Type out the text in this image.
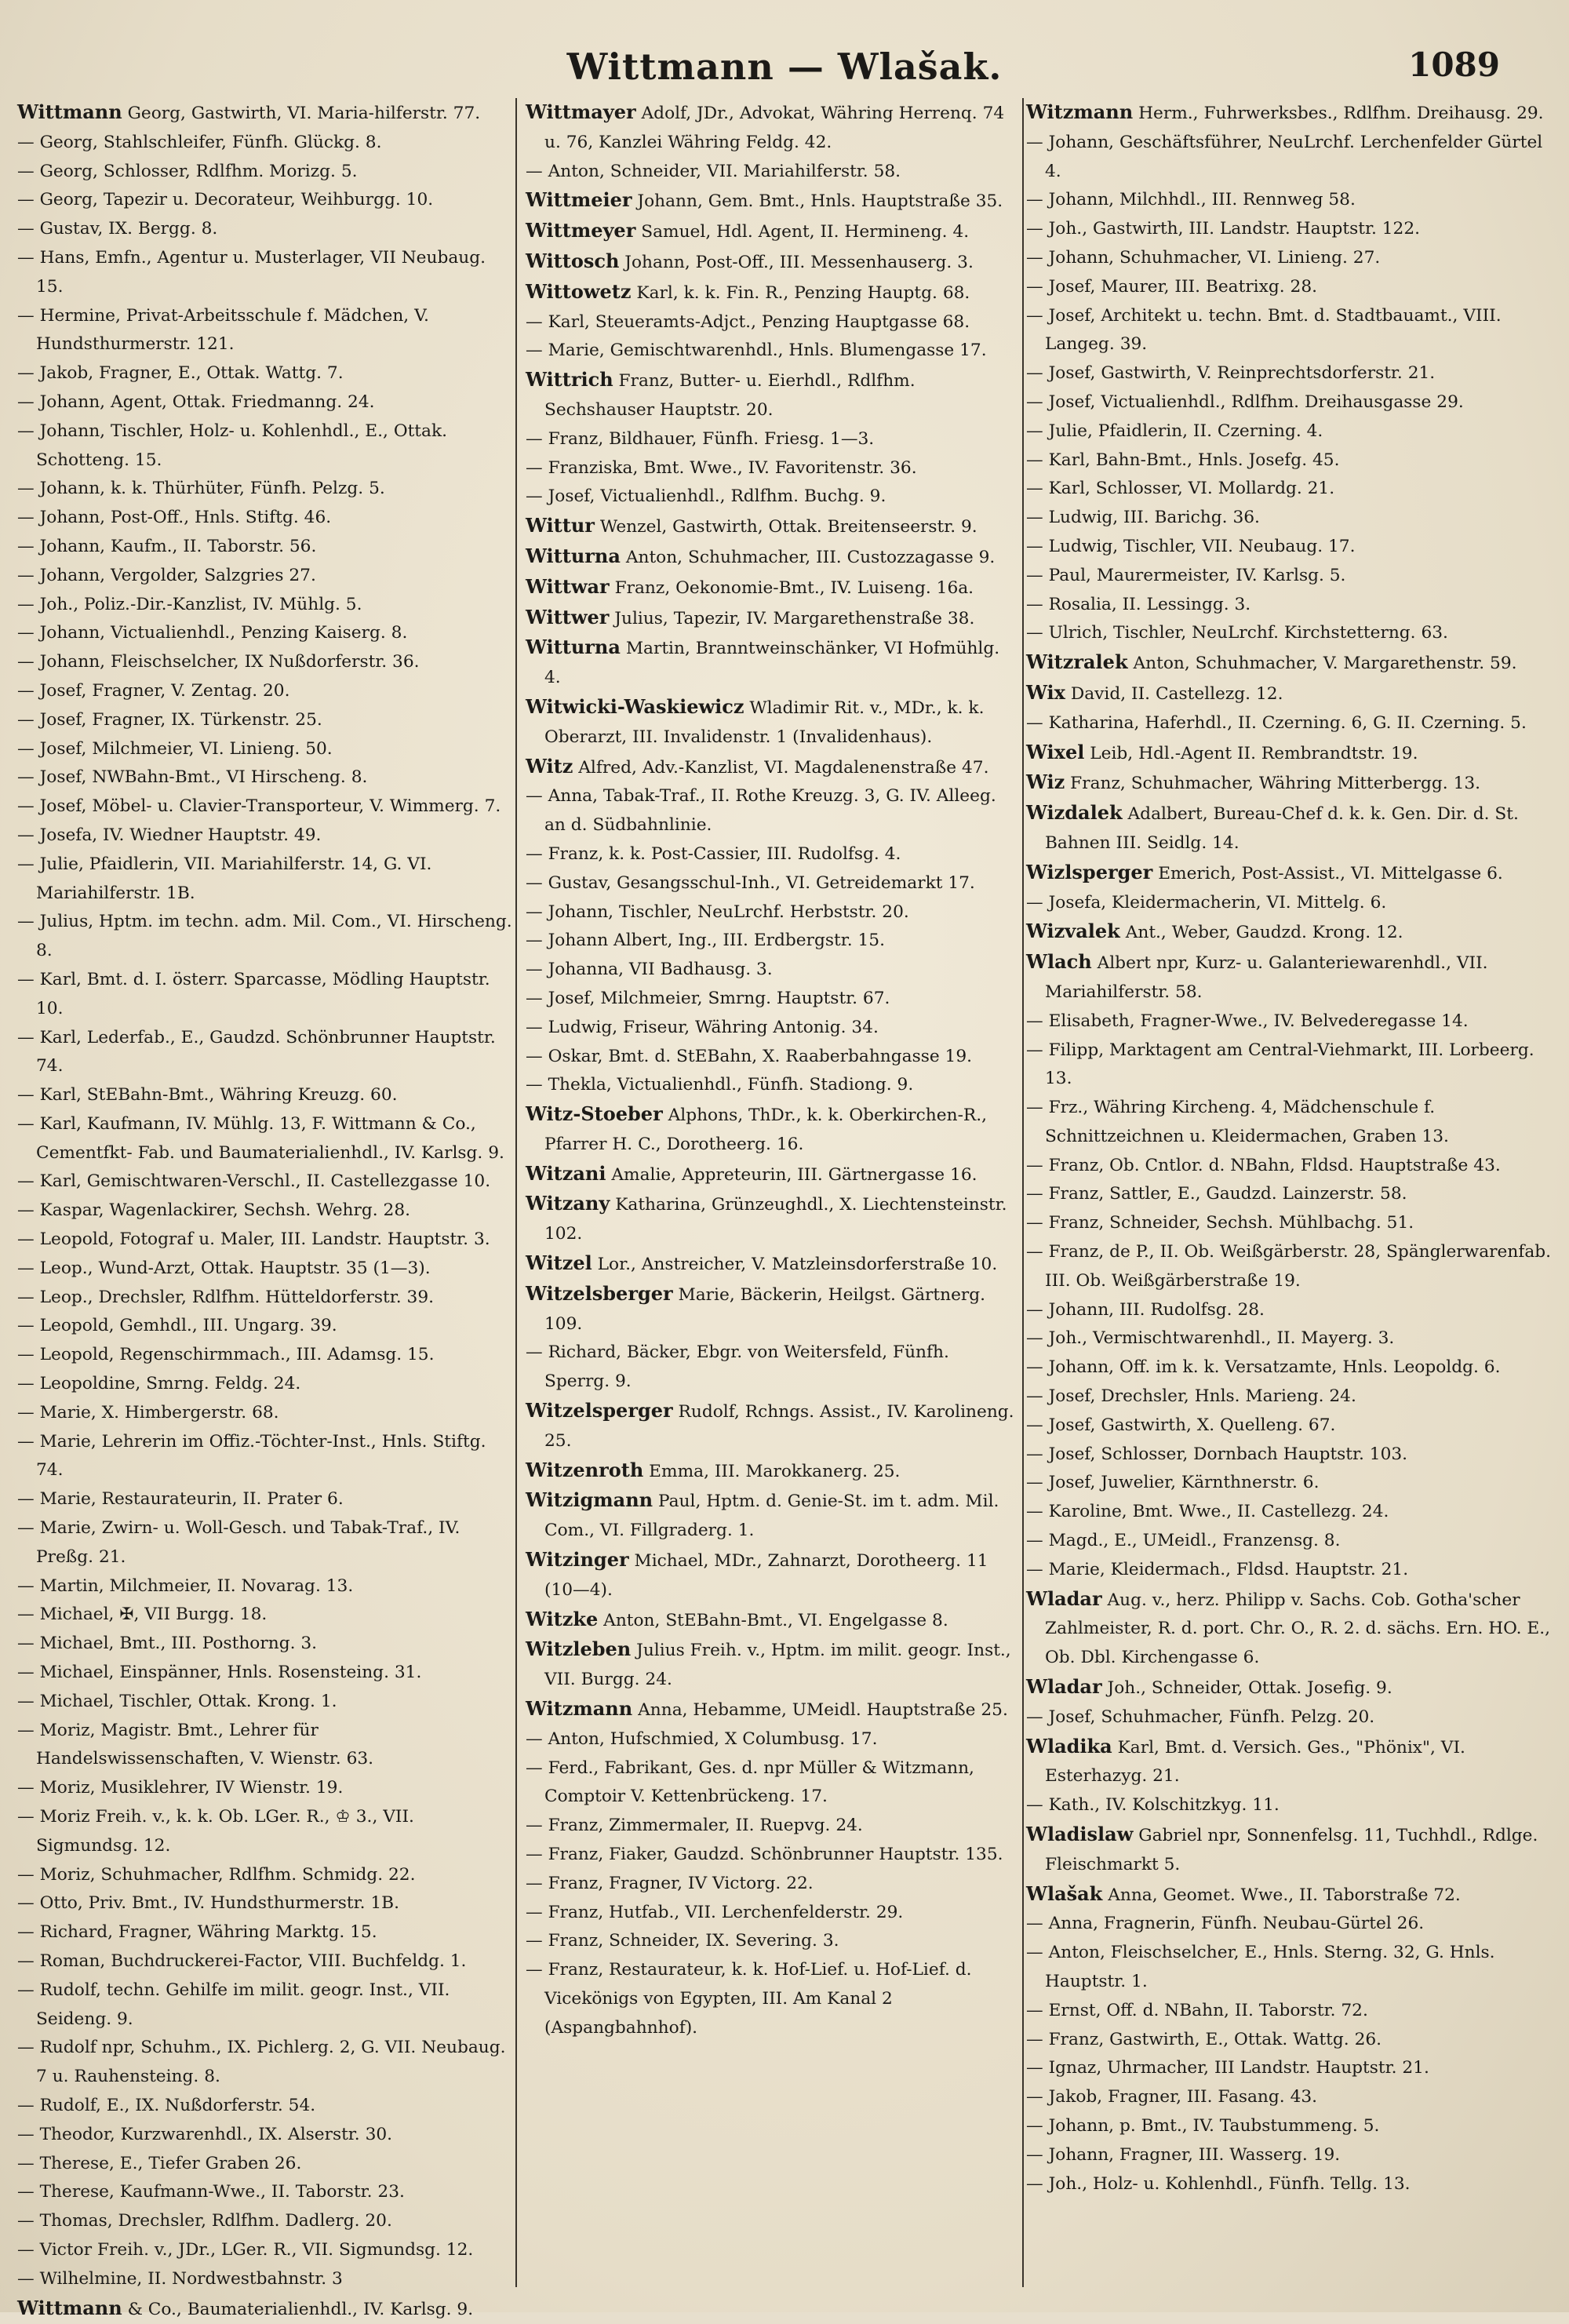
Wittmann — Wlašak.	1089
Wittmann Georg, Gastwirth, VI. Maria-hilferstr. 77.
— Georg, Stahlschleifer, Fünfh. Glückg. 8.
— Georg, Schlosser, Rdlfhm. Morizg. 5.
— Georg, Tapezir u. Decorateur, Weihburgg. 10.
— Gustav, IX. Bergg. 8.
— Hans, Emfn., Agentur u. Musterlager, VII Neubaug. 15.
— Hermine, Privat-Arbeitsschule f. Mädchen, V. Hundsthurmerstr. 121.
— Jakob, Fragner, E., Ottak. Wattg. 7.
— Johann, Agent, Ottak. Friedmanng. 24.
— Johann, Tischler, Holz- u. Kohlenhdl., E., Ottak. Schotteng. 15.
— Johann, k. k. Thürhüter, Fünfh. Pelzg. 5.
— Johann, Post-Off., Hnls. Stiftg. 46.
— Johann, Kaufm., II. Taborstr. 56.
— Johann, Vergolder, Salzgries 27.
— Joh., Poliz.-Dir.-Kanzlist, IV. Mühlg. 5.
— Johann, Victualienhdl., Penzing Kaiserg. 8.
— Johann, Fleischselcher, IX Nußdorferstr. 36.
— Josef, Fragner, V. Zentag. 20.
— Josef, Fragner, IX. Türkenstr. 25.
— Josef, Milchmeier, VI. Linieng. 50.
— Josef, NWBahn-Bmt., VI Hirscheng. 8.
— Josef, Möbel- u. Clavier-Transporteur, V. Wimmerg. 7.
— Josefa, IV. Wiedner Hauptstr. 49.
— Julie, Pfaidlerin, VII. Mariahilferstr. 14, G. VI. Mariahilferstr. 1B.
— Julius, Hptm. im techn. adm. Mil. Com., VI. Hirscheng. 8.
— Karl, Bmt. d. I. österr. Sparcasse, Mödling Hauptstr. 10.
— Karl, Lederfab., E., Gaudzd. Schönbrunner Hauptstr. 74.
— Karl, StEBahn-Bmt., Währing Kreuzg. 60.
— Karl, Kaufmann, IV. Mühlg. 13, F. Wittmann & Co., Cementfkt- Fab. und Baumaterialienhdl., IV. Karlsg. 9.
— Karl, Gemischtwaren-Verschl., II. Castellezgasse 10.
— Kaspar, Wagenlackirer, Sechsh. Wehrg. 28.
— Leopold, Fotograf u. Maler, III. Landstr. Hauptstr. 3.
— Leop., Wund-Arzt, Ottak. Hauptstr. 35 (1—3).
— Leop., Drechsler, Rdlfhm. Hütteldorferstr. 39.
— Leopold, Gemhdl., III. Ungarg. 39.
— Leopold, Regenschirmmach., III. Adamsg. 15.
— Leopoldine, Smrng. Feldg. 24.
— Marie, X. Himbergerstr. 68.
— Marie, Lehrerin im Offiz.-Töchter-Inst., Hnls. Stiftg. 74.
— Marie, Restaurateurin, II. Prater 6.
— Marie, Zwirn- u. Woll-Gesch. und Tabak-Traf., IV. Preßg. 21.
— Martin, Milchmeier, II. Novarag. 13.
— Michael, ✠, VII Burgg. 18.
— Michael, Bmt., III. Posthorng. 3.
— Michael, Einspänner, Hnls. Rosensteing. 31.
— Michael, Tischler, Ottak. Krong. 1.
— Moriz, Magistr. Bmt., Lehrer für Handelswissenschaften, V. Wienstr. 63.
— Moriz, Musiklehrer, IV Wienstr. 19.
— Moriz Freih. v., k. k. Ob. LGer. R., ♔ 3., VII. Sigmundsg. 12.
— Moriz, Schuhmacher, Rdlfhm. Schmidg. 22.
— Otto, Priv. Bmt., IV. Hundsthurmerstr. 1B.
— Richard, Fragner, Währing Marktg. 15.
— Roman, Buchdruckerei-Factor, VIII. Buchfeldg. 1.
— Rudolf, techn. Gehilfe im milit. geogr. Inst., VII. Seideng. 9.
— Rudolf npr, Schuhm., IX. Pichlerg. 2, G. VII. Neubaug. 7 u. Rauhensteing. 8.
— Rudolf, E., IX. Nußdorferstr. 54.
— Theodor, Kurzwarenhdl., IX. Alserstr. 30.
— Therese, E., Tiefer Graben 26.
— Therese, Kaufmann-Wwe., II. Taborstr. 23.
— Thomas, Drechsler, Rdlfhm. Dadlerg. 20.
— Victor Freih. v., JDr., LGer. R., VII. Sigmundsg. 12.
— Wilhelmine, II. Nordwestbahnstr. 3
Wittmann & Co., Baumaterialienhdl., IV. Karlsg. 9.
Wittmayer Adolf, JDr., Advokat, Währing Herrenq. 74 u. 76, Kanzlei Währing Feldg. 42.
— Anton, Schneider, VII. Mariahilferstr. 58.
Wittmeier Johann, Gem. Bmt., Hnls. Hauptstraße 35.
Wittmeyer Samuel, Hdl. Agent, II. Hermineng. 4.
Wittosch Johann, Post-Off., III. Messenhauserg. 3.
Wittowetz Karl, k. k. Fin. R., Penzing Hauptg. 68.
— Karl, Steueramts-Adjct., Penzing Hauptgasse 68.
— Marie, Gemischtwarenhdl., Hnls. Blumengasse 17.
Wittrich Franz, Butter- u. Eierhdl., Rdlfhm. Sechshauser Hauptstr. 20.
— Franz, Bildhauer, Fünfh. Friesg. 1—3.
— Franziska, Bmt. Wwe., IV. Favoritenstr. 36.
— Josef, Victualienhdl., Rdlfhm. Buchg. 9.
Wittur Wenzel, Gastwirth, Ottak. Breitenseerstr. 9.
Witturna Anton, Schuhmacher, III. Custozzagasse 9.
Wittwar Franz, Oekonomie-Bmt., IV. Luiseng. 16a.
Wittwer Julius, Tapezir, IV. Margarethenstraße 38.
Witturna Martin, Branntweinschänker, VI Hofmühlg. 4.
Witwicki-Waskiewicz Wladimir Rit. v., MDr., k. k. Oberarzt, III. Invalidenstr. 1 (Invalidenhaus).
Witz Alfred, Adv.-Kanzlist, VI. Magdalenenstraße 47.
— Anna, Tabak-Traf., II. Rothe Kreuzg. 3, G. IV. Alleeg. an d. Südbahnlinie.
— Franz, k. k. Post-Cassier, III. Rudolfsg. 4.
— Gustav, Gesangsschul-Inh., VI. Getreidemarkt 17.
— Johann, Tischler, NeuLrchf. Herbststr. 20.
— Johann Albert, Ing., III. Erdbergstr. 15.
— Johanna, VII Badhausg. 3.
— Josef, Milchmeier, Smrng. Hauptstr. 67.
— Ludwig, Friseur, Währing Antonig. 34.
— Oskar, Bmt. d. StEBahn, X. Raaberbahngasse 19.
— Thekla, Victualienhdl., Fünfh. Stadiong. 9.
Witz-Stoeber Alphons, ThDr., k. k. Oberkirchen-R., Pfarrer H. C., Dorotheerg. 16.
Witzani Amalie, Appreteurin, III. Gärtnergasse 16.
Witzany Katharina, Grünzeughdl., X. Liechtensteinstr. 102.
Witzel Lor., Anstreicher, V. Matzleinsdorferstraße 10.
Witzelsberger Marie, Bäckerin, Heilgst. Gärtnerg. 109.
— Richard, Bäcker, Ebgr. von Weitersfeld, Fünfh. Sperrg. 9.
Witzelsperger Rudolf, Rchngs. Assist., IV. Karolineng. 25.
Witzenroth Emma, III. Marokkanerg. 25.
Witzigmann Paul, Hptm. d. Genie-St. im t. adm. Mil. Com., VI. Fillgraderg. 1.
Witzinger Michael, MDr., Zahnarzt, Dorotheerg. 11 (10—4).
Witzke Anton, StEBahn-Bmt., VI. Engelgasse 8.
Witzleben Julius Freih. v., Hptm. im milit. geogr. Inst., VII. Burgg. 24.
Witzmann Anna, Hebamme, UMeidl. Hauptstraße 25.
— Anton, Hufschmied, X Columbusg. 17.
— Ferd., Fabrikant, Ges. d. npr Müller & Witzmann, Comptoir V. Kettenbrückeng. 17.
— Franz, Zimmermaler, II. Ruepvg. 24.
— Franz, Fiaker, Gaudzd. Schönbrunner Hauptstr. 135.
— Franz, Fragner, IV Victorg. 22.
— Franz, Hutfab., VII. Lerchenfelderstr. 29.
— Franz, Schneider, IX. Severing. 3.
— Franz, Restaurateur, k. k. Hof-Lief. u. Hof-Lief. d. Vicekönigs von Egypten, III. Am Kanal 2 (Aspangbahnhof).
Witzmann Herm., Fuhrwerksbes., Rdlfhm. Dreihausg. 29.
— Johann, Geschäftsführer, NeuLrchf. Lerchenfelder Gürtel 4.
— Johann, Milchhdl., III. Rennweg 58.
— Joh., Gastwirth, III. Landstr. Hauptstr. 122.
— Johann, Schuhmacher, VI. Linieng. 27.
— Josef, Maurer, III. Beatrixg. 28.
— Josef, Architekt u. techn. Bmt. d. Stadtbauamt., VIII. Langeg. 39.
— Josef, Gastwirth, V. Reinprechtsdorferstr. 21.
— Josef, Victualienhdl., Rdlfhm. Dreihausgasse 29.
— Julie, Pfaidlerin, II. Czerning. 4.
— Karl, Bahn-Bmt., Hnls. Josefg. 45.
— Karl, Schlosser, VI. Mollardg. 21.
— Ludwig, III. Barichg. 36.
— Ludwig, Tischler, VII. Neubaug. 17.
— Paul, Maurermeister, IV. Karlsg. 5.
— Rosalia, II. Lessingg. 3.
— Ulrich, Tischler, NeuLrchf. Kirchstetterng. 63.
Witzralek Anton, Schuhmacher, V. Margarethenstr. 59.
Wix David, II. Castellezg. 12.
— Katharina, Haferhdl., II. Czerning. 6, G. II. Czerning. 5.
Wixel Leib, Hdl.-Agent II. Rembrandtstr. 19.
Wiz Franz, Schuhmacher, Währing Mitterbergg. 13.
Wizdalek Adalbert, Bureau-Chef d. k. k. Gen. Dir. d. St. Bahnen III. Seidlg. 14.
Wizlsperger Emerich, Post-Assist., VI. Mittelgasse 6.
— Josefa, Kleidermacherin, VI. Mittelg. 6.
Wizvalek Ant., Weber, Gaudzd. Krong. 12.
Wlach Albert npr, Kurz- u. Galanteriewarenhdl., VII. Mariahilferstr. 58.
— Elisabeth, Fragner-Wwe., IV. Belvederegasse 14.
— Filipp, Marktagent am Central-Viehmarkt, III. Lorbeerg. 13.
— Frz., Währing Kircheng. 4, Mädchenschule f. Schnittzeichnen u. Kleidermachen, Graben 13.
— Franz, Ob. Cntlor. d. NBahn, Fldsd. Hauptstraße 43.
— Franz, Sattler, E., Gaudzd. Lainzerstr. 58.
— Franz, Schneider, Sechsh. Mühlbachg. 51.
— Franz, de P., II. Ob. Weißgärberstr. 28, Spänglerwarenfab. III. Ob. Weißgärberstraße 19.
— Johann, III. Rudolfsg. 28.
— Joh., Vermischtwarenhdl., II. Mayerg. 3.
— Johann, Off. im k. k. Versatzamte, Hnls. Leopoldg. 6.
— Josef, Drechsler, Hnls. Marieng. 24.
— Josef, Gastwirth, X. Quelleng. 67.
— Josef, Schlosser, Dornbach Hauptstr. 103.
— Josef, Juwelier, Kärnthnerstr. 6.
— Karoline, Bmt. Wwe., II. Castellezg. 24.
— Magd., E., UMeidl., Franzensg. 8.
— Marie, Kleidermach., Fldsd. Hauptstr. 21.
Wladar Aug. v., herz. Philipp v. Sachs. Cob. Gotha'scher Zahlmeister, R. d. port. Chr. O., R. 2. d. sächs. Ern. HO. E., Ob. Dbl. Kirchengasse 6.
Wladar Joh., Schneider, Ottak. Josefig. 9.
— Josef, Schuhmacher, Fünfh. Pelzg. 20.
Wladika Karl, Bmt. d. Versich. Ges., "Phönix", VI. Esterhazyg. 21.
— Kath., IV. Kolschitzkyg. 11.
Wladislaw Gabriel npr, Sonnenfelsg. 11, Tuchhdl., Rdlge. Fleischmarkt 5.
Wlašak Anna, Geomet. Wwe., II. Taborstraße 72.
— Anna, Fragnerin, Fünfh. Neubau-Gürtel 26.
— Anton, Fleischselcher, E., Hnls. Sterng. 32, G. Hnls. Hauptstr. 1.
— Ernst, Off. d. NBahn, II. Taborstr. 72.
— Franz, Gastwirth, E., Ottak. Wattg. 26.
— Ignaz, Uhrmacher, III Landstr. Hauptstr. 21.
— Jakob, Fragner, III. Fasang. 43.
— Johann, p. Bmt., IV. Taubstummeng. 5.
— Johann, Fragner, III. Wasserg. 19.
— Joh., Holz- u. Kohlenhdl., Fünfh. Tellg. 13.
